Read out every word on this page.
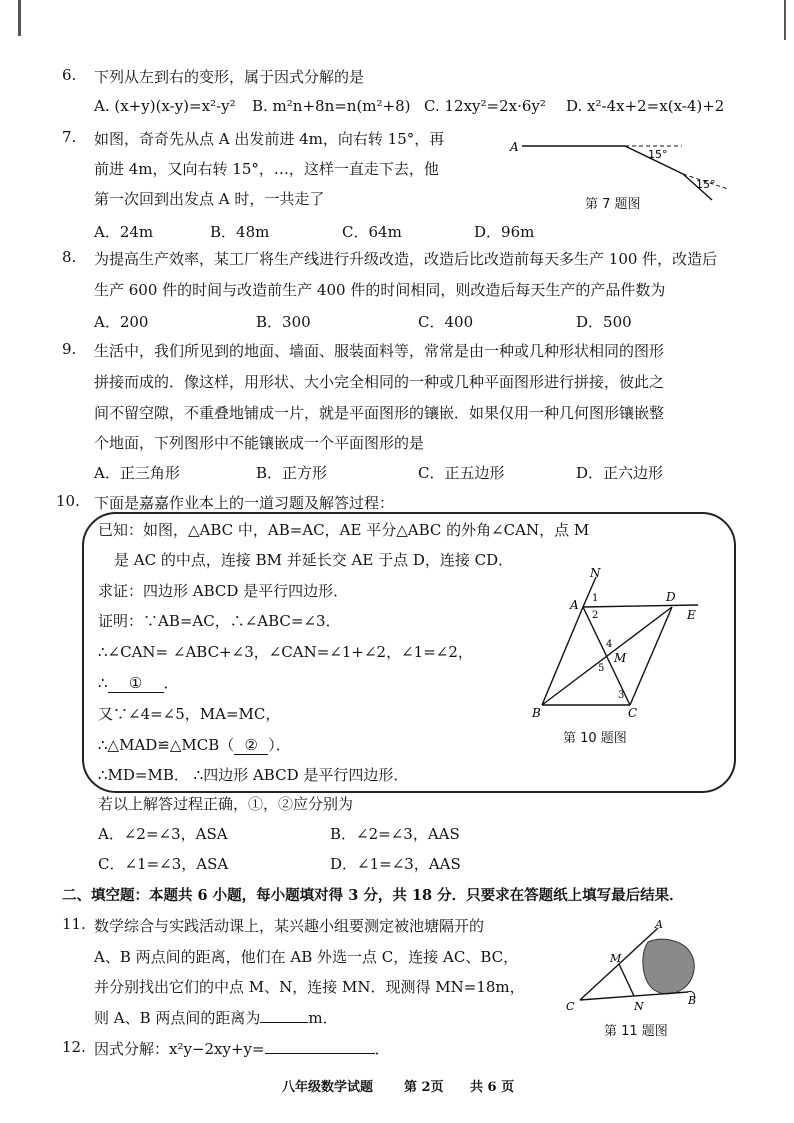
6. 下列从左到右的变形，属于因式分解的是
A. (x+y)(x-y)=x²-y² B. m²n+8n=n(m²+8) C. 12xy²=2x·6y² D. x²-4x+2=x(x-4)+2
7. 如图，奇奇先从点 A 出发前进 4m，向右转 15°，再
前进 4m，又向右转 15°，…，这样一直走下去，他
第一次回到出发点 A 时，一共走了
A．24m	B．48m	C．64m	D．96m
A
15°
15°
第 7 题图
8. 为提高生产效率，某工厂将生产线进行升级改造，改造后比改造前每天多生产 100 件，改造后
生产 600 件的时间与改造前生产 400 件的时间相同，则改造后每天生产的产品件数为
A．200	B．300	C．400	D．500
9. 生活中，我们所见到的地面、墙面、服装面料等，常常是由一种或几种形状相同的图形
拼接而成的．像这样，用形状、大小完全相同的一种或几种平面图形进行拼接，彼此之
间不留空隙，不重叠地铺成一片，就是平面图形的镶嵌．如果仅用一种几何图形镶嵌整
个地面，下列图形中不能镶嵌成一个平面图形的是
A．正三角形	B．正方形	C．正五边形	D．正六边形
10. 下面是嘉嘉作业本上的一道习题及解答过程：
已知：如图，△ABC 中，AB=AC，AE 平分△ABC 的外角∠CAN，点 M
是 AC 的中点，连接 BM 并延长交 AE 于点 D，连接 CD．
求证：四边形 ABCD 是平行四边形．
证明：∵AB=AC，∴∠ABC=∠3．
∴∠CAN= ∠ABC+∠3，∠CAN=∠1+∠2，∠1=∠2，
∴ ① ．
又∵∠4=∠5，MA=MC，
∴△MAD≌△MCB（ ② ）．
∴MD=MB． ∴四边形 ABCD 是平行四边形．
N
A
D
E
B	C
M
1
2
3
4
5
第 10 题图
若以上解答过程正确，①，②应分别为
A．∠2=∠3，ASA	B．∠2=∠3，AAS
C．∠1=∠3，ASA	D．∠1=∠3，AAS
二、填空题：本题共 6 小题，每小题填对得 3 分，共 18 分．只要求在答题纸上填写最后结果．
11. 数学综合与实践活动课上，某兴趣小组要测定被池塘隔开的
A、B 两点间的距离，他们在 AB 外选一点 C，连接 AC、BC，
并分别找出它们的中点 M、N，连接 MN．现测得 MN=18m，
则 A、B 两点间的距离为	m．
A
M
C	N	B
第 11 题图
12. 因式分解：x²y−2xy+y=	．
八年级数学试题 第 2页 共 6 页
